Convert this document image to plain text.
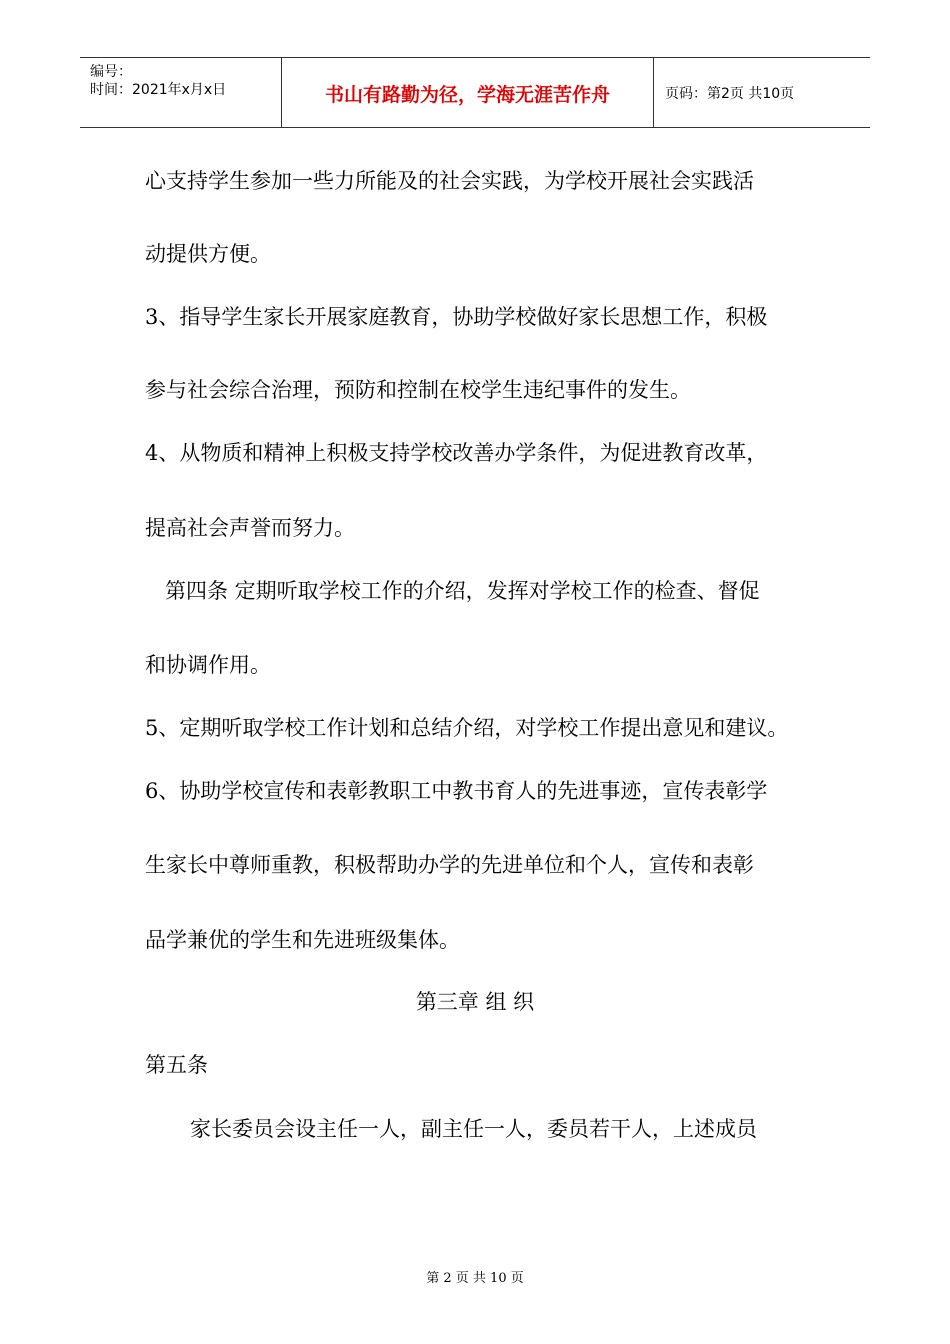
编号：
时间：2021年x月x日	书山有路勤为径，学海无涯苦作舟	页码：第2页 共10页
心支持学生参加一些力所能及的社会实践，为学校开展社会实践活
动提供方便。
3、指导学生家长开展家庭教育，协助学校做好家长思想工作，积极
参与社会综合治理，预防和控制在校学生违纪事件的发生。
4、从物质和精神上积极支持学校改善办学条件，为促进教育改革，
提高社会声誉而努力。
第四条 定期听取学校工作的介绍，发挥对学校工作的检查、督促
和协调作用。
5、定期听取学校工作计划和总结介绍，对学校工作提出意见和建议。
6、协助学校宣传和表彰教职工中教书育人的先进事迹，宣传表彰学
生家长中尊师重教，积极帮助办学的先进单位和个人，宣传和表彰
品学兼优的学生和先进班级集体。
第三章 组 织
第五条
家长委员会设主任一人，副主任一人，委员若干人，上述成员
第 2 页 共 10 页
